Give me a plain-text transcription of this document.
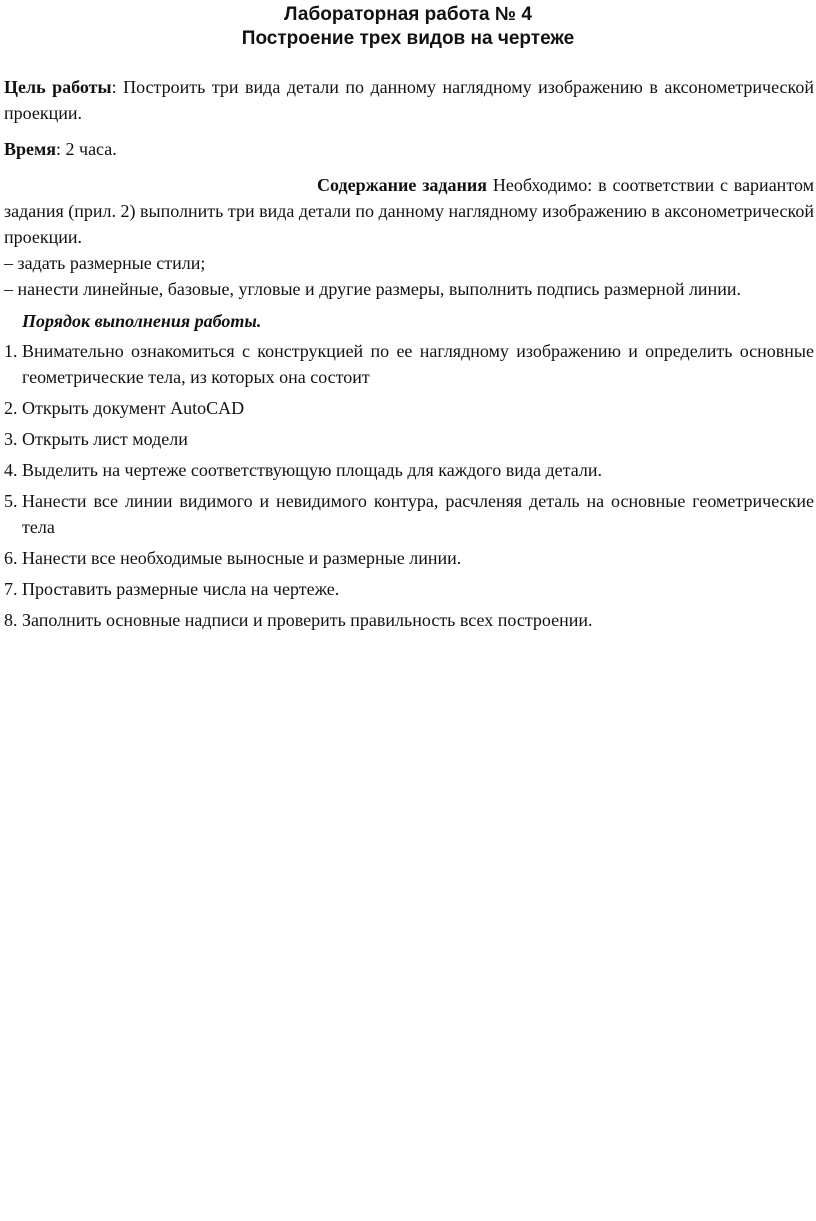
Лабораторная работа № 4

Построение трех видов на чертеже

Цель работы: Построить три вида детали по данному наглядному изображению в аксонометрической проекции.

Время: 2 часа.

Содержание задания Необходимо: в соответствии с вариантом задания (прил. 2) выполнить три вида детали по данному наглядному изображению в аксонометрической проекции.

– задать размерные стили;

– нанести линейные, базовые, угловые и другие размеры, выполнить подпись размерной линии.

Порядок выполнения работы.

1. Внимательно ознакомиться с конструкцией по ее наглядному изображению и определить основные геометрические тела, из которых она состоит
2. Открыть документ AutoCAD
3. Открыть лист модели
4. Выделить на чертеже соответствующую площадь для каждого вида детали.
5. Нанести все линии видимого и невидимого контура, расчленяя деталь на основные геометрические тела
6. Нанести все необходимые выносные и размерные линии.
7. Проставить размерные числа на чертеже.
8. Заполнить основные надписи и проверить правильность всех построении.
